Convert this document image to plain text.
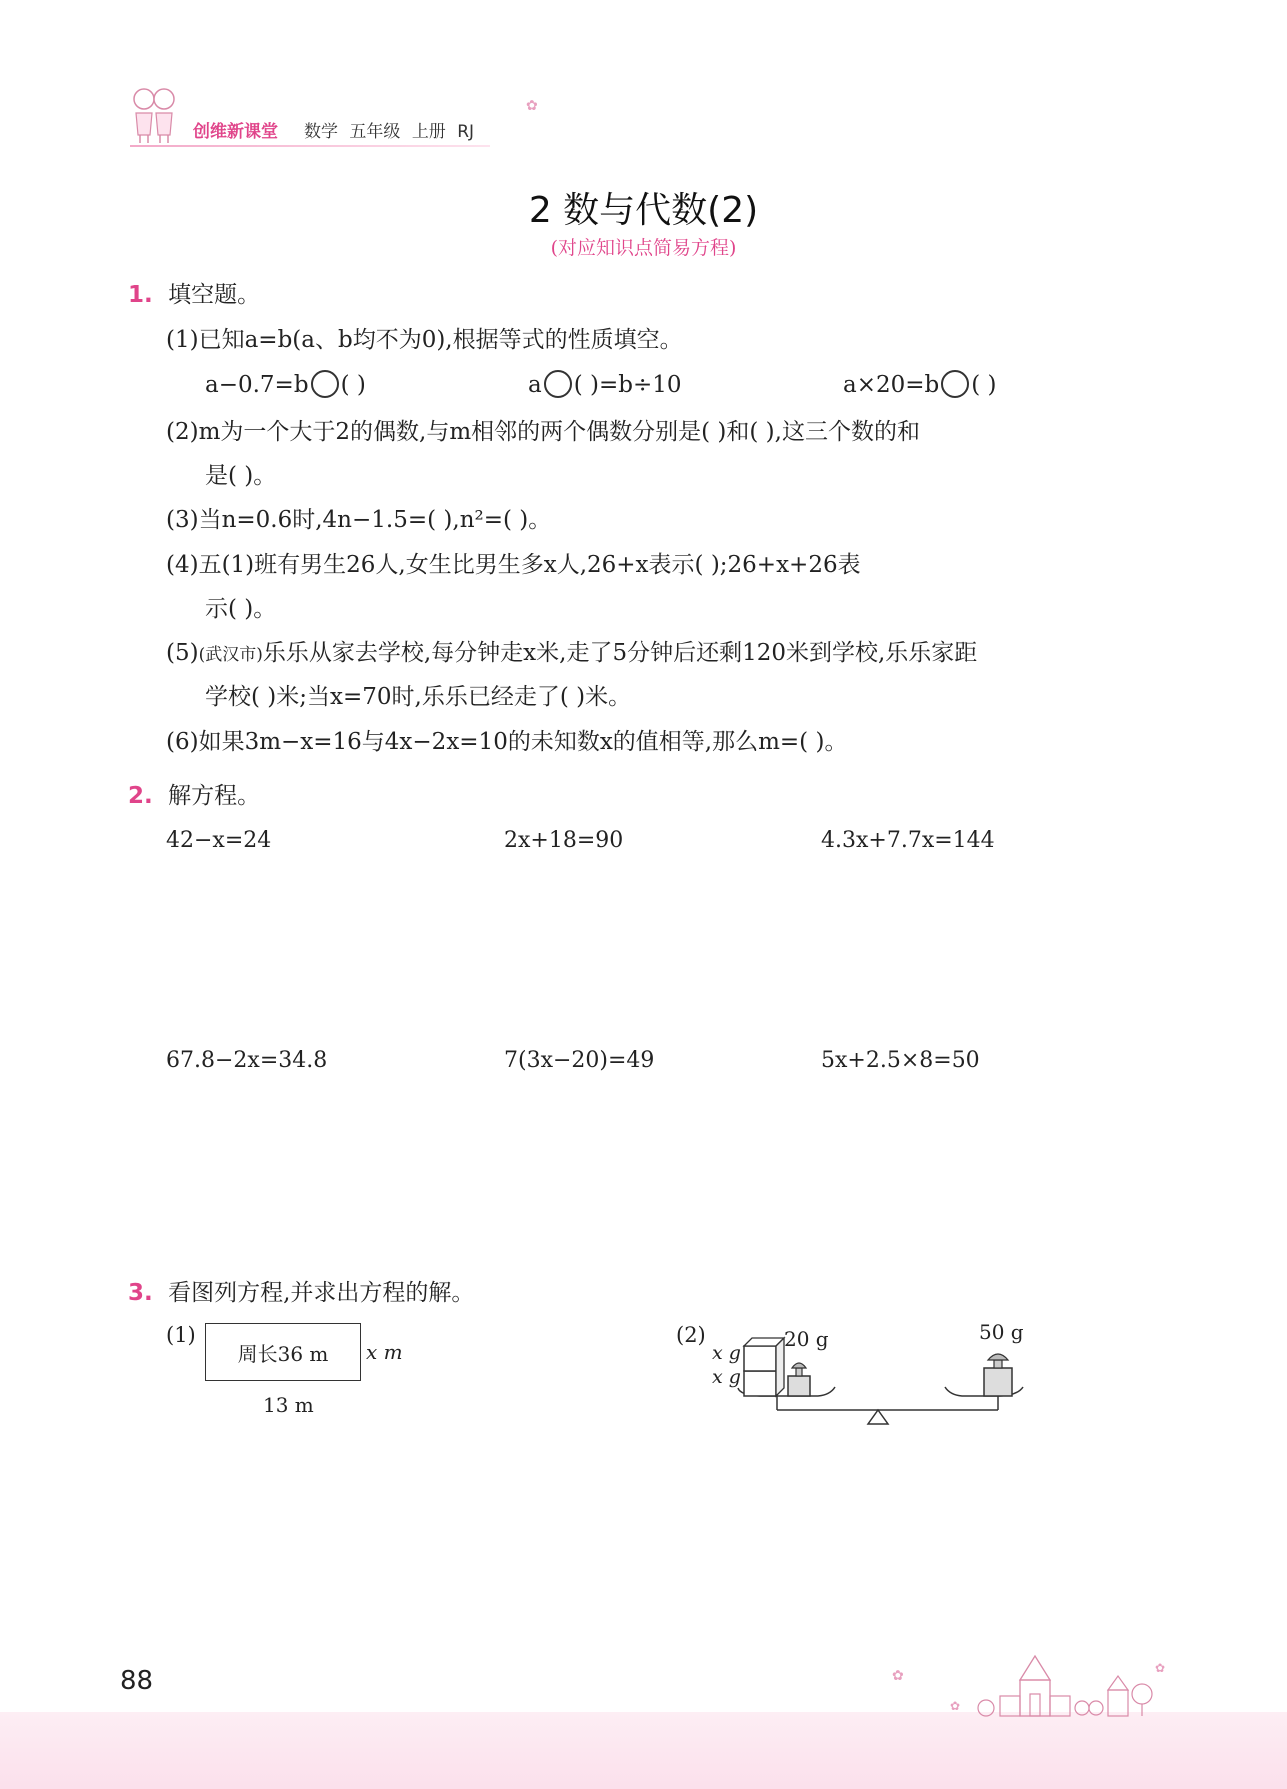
创维新课堂 数学 五年级 上册 RJ
✿
2 数与代数(2)
(对应知识点简易方程)
1. 填空题。
(1)已知a=b(a、b均不为0),根据等式的性质填空。
a−0.7=b ( )	a ( )=b÷10	a×20=b ( )
(2)m为一个大于2的偶数,与m相邻的两个偶数分别是( )和( ),这三个数的和
是( )。
(3)当n=0.6时,4n−1.5=( ),n²=( )。
(4)五(1)班有男生26人,女生比男生多x人,26+x表示( );26+x+26表
示( )。
(5)(武汉市)乐乐从家去学校,每分钟走x米,走了5分钟后还剩120米到学校,乐乐家距
学校( )米;当x=70时,乐乐已经走了( )米。
(6)如果3m−x=16与4x−2x=10的未知数x的值相等,那么m=( )。
2. 解方程。
42−x=24	2x+18=90	4.3x+7.7x=144
67.8−2x=34.8	7(3x−20)=49	5x+2.5×8=50
3. 看图列方程,并求出方程的解。
(1)
周长36 m	x m
13 m
(2)
x g
x g
20 g	50 g
88	✿
✿
✿
